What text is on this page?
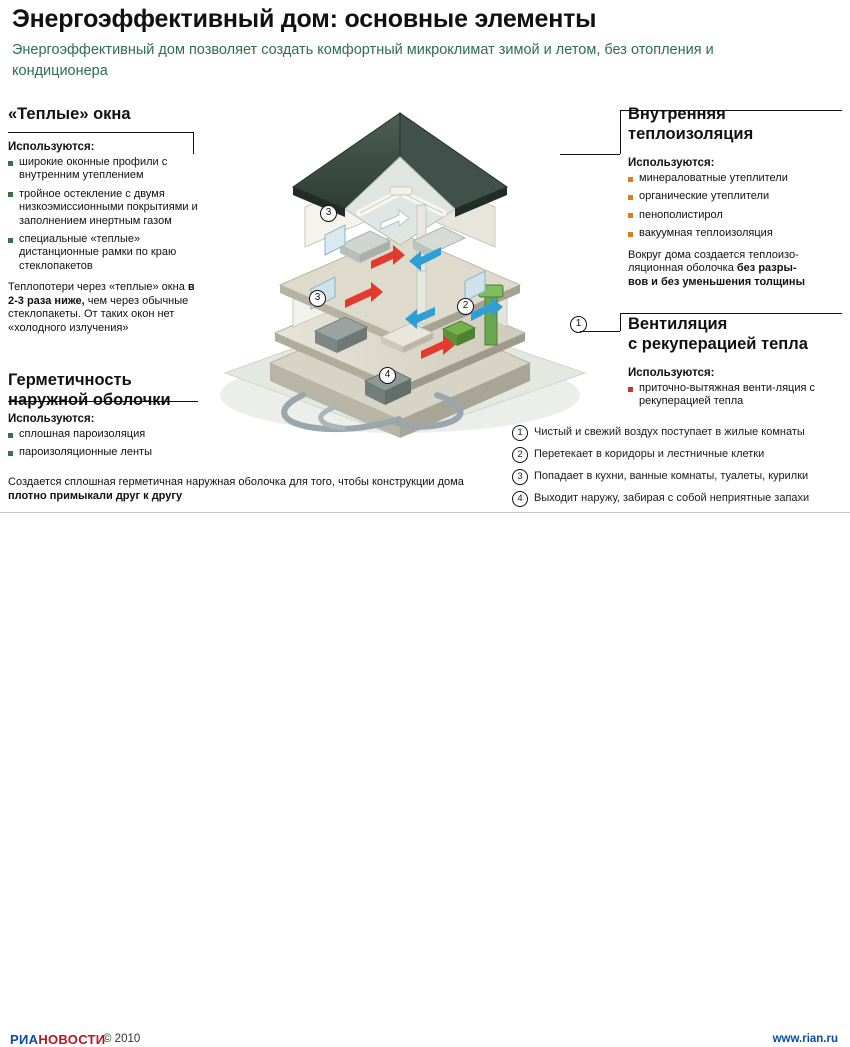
Энергоэффективный дом: основные элементы
Энергоэффективный дом позволяет создать комфортный микроклимат зимой и летом, без отопления и кондиционера
3
3
2
1
4
«Теплые» окна
Используются:
широкие оконные профили с внутренним утеплением
тройное остекление с двумя низкоэмиссионными покрытиями и заполнением инертным газом
специальные «теплые» дистанционные рамки по краю стеклопакетов
Теплопотери через «теплые» окна в 2-3 раза ниже, чем через обычные стеклопакеты. От таких окон нет «холодного излучения»
Герметичность
наружной оболочки
Используются:
сплошная пароизоляция
пароизоляционные ленты
Создается сплошная герметичная наружная оболочка для того, чтобы конструкции дома плотно примыкали друг к другу
Внутренняя
теплоизоляция
Используются:
минераловатные утеплители
органические утеплители
пенополистирол
вакуумная теплоизоляция
Вокруг дома создается теплоизо-
ляционная оболочка без разры-
вов и без уменьшения толщины
Вентиляция
с рекуперацией тепла
Используются:
приточно-вытяжная венти-ляция с рекуперацией тепла
1	Чистый и свежий воздух поступает в жилые комнаты
2	Перетекает в коридоры и лестничные клетки
3	Попадает в кухни, ванные комнаты, туалеты, курилки
4	Выходит наружу, забирая с собой неприятные запахи
РИАНОВОСТИ
© 2010	www.rian.ru
